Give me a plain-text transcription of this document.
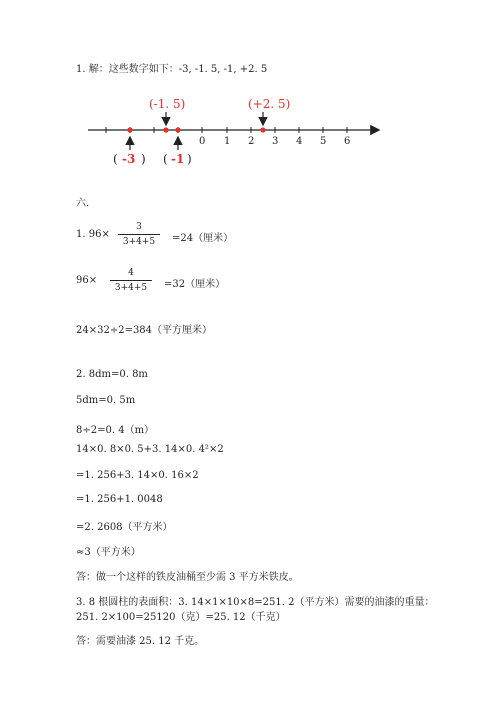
1. 解：这些数字如下：-3, -1. 5, -1, +2. 5
0 1 2 3 4 5 6
(-1. 5)	(+2. 5)
( -3 ) ( -1 )
六.
1. 96×
3
3+4+5	=24（厘米）
96×
4
3+4+5	=32（厘米）
24×32÷2=384（平方厘米）
2. 8dm=0. 8m
5dm=0. 5m
8÷2=0. 4（m）
14×0. 8×0. 5+3. 14×0. 4²×2
=1. 256+3. 14×0. 16×2
=1. 256+1. 0048
=2. 2608（平方米）
≈3（平方米）
答：做一个这样的铁皮油桶至少需 3 平方米铁皮。
3. 8 根圆柱的表面积：3. 14×1×10×8=251. 2（平方米）需要的油漆的重量：
251. 2×100=25120（克）=25. 12（千克）
答：需要油漆 25. 12 千克。
